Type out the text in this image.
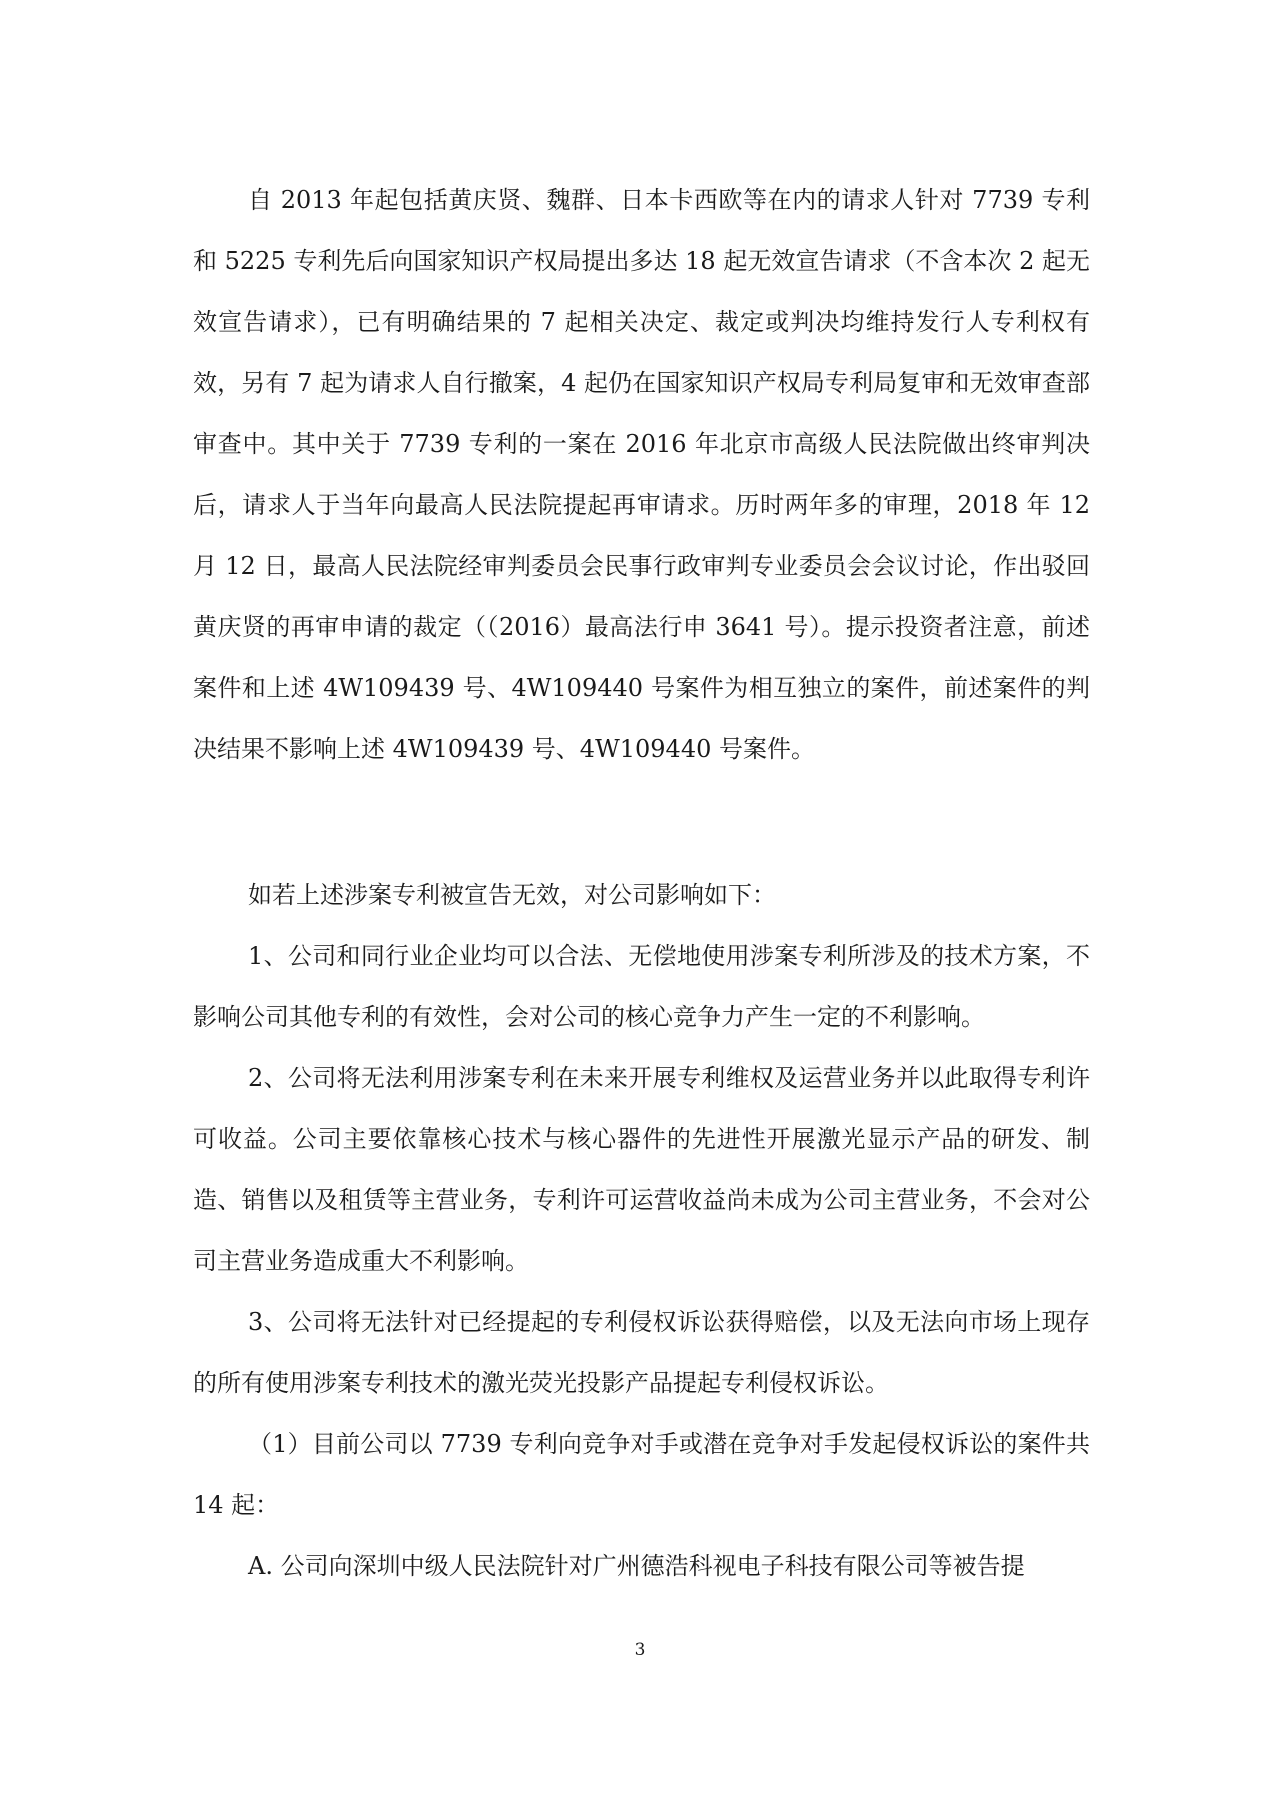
自 2013 年起包括黄庆贤、魏群、日本卡西欧等在内的请求人针对 7739 专利和 5225 专利先后向国家知识产权局提出多达 18 起无效宣告请求（不含本次 2 起无效宣告请求），已有明确结果的 7 起相关决定、裁定或判决均维持发行人专利权有效，另有 7 起为请求人自行撤案，4 起仍在国家知识产权局专利局复审和无效审查部审查中。其中关于 7739 专利的一案在 2016 年北京市高级人民法院做出终审判决后，请求人于当年向最高人民法院提起再审请求。历时两年多的审理，2018 年 12 月 12 日，最高人民法院经审判委员会民事行政审判专业委员会会议讨论，作出驳回黄庆贤的再审申请的裁定（（2016）最高法行申 3641 号）。提示投资者注意，前述案件和上述 4W109439 号、4W109440 号案件为相互独立的案件，前述案件的判决结果不影响上述 4W109439 号、4W109440 号案件。

如若上述涉案专利被宣告无效，对公司影响如下：

1、公司和同行业企业均可以合法、无偿地使用涉案专利所涉及的技术方案，不影响公司其他专利的有效性，会对公司的核心竞争力产生一定的不利影响。

2、公司将无法利用涉案专利在未来开展专利维权及运营业务并以此取得专利许可收益。公司主要依靠核心技术与核心器件的先进性开展激光显示产品的研发、制造、销售以及租赁等主营业务，专利许可运营收益尚未成为公司主营业务，不会对公司主营业务造成重大不利影响。

3、公司将无法针对已经提起的专利侵权诉讼获得赔偿，以及无法向市场上现存的所有使用涉案专利技术的激光荧光投影产品提起专利侵权诉讼。

（1）目前公司以 7739 专利向竞争对手或潜在竞争对手发起侵权诉讼的案件共 14 起：

A. 公司向深圳中级人民法院针对广州德浩科视电子科技有限公司等被告提

3
